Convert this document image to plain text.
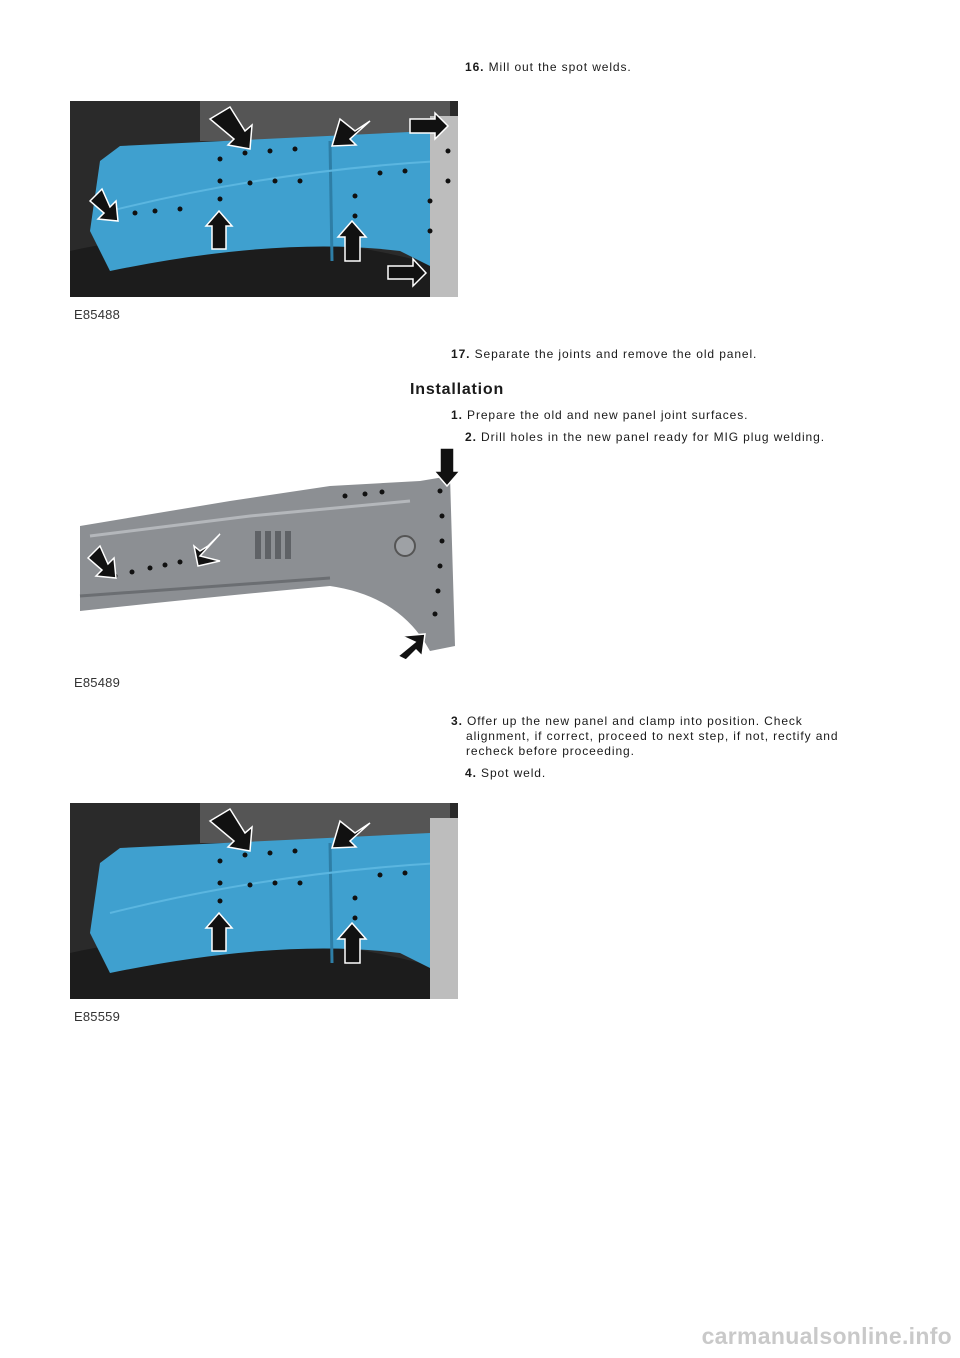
16. Mill out the spot welds.

E85488

17. Separate the joints and remove the old panel.

Installation

1. Prepare the old and new panel joint surfaces.

2. Drill holes in the new panel ready for MIG plug welding.

E85489

3. Offer up the new panel and clamp into position. Check
alignment, if correct, proceed to next step, if not, rectify and
recheck before proceeding.

4. Spot weld.

E85559
carmanualsonline.info
